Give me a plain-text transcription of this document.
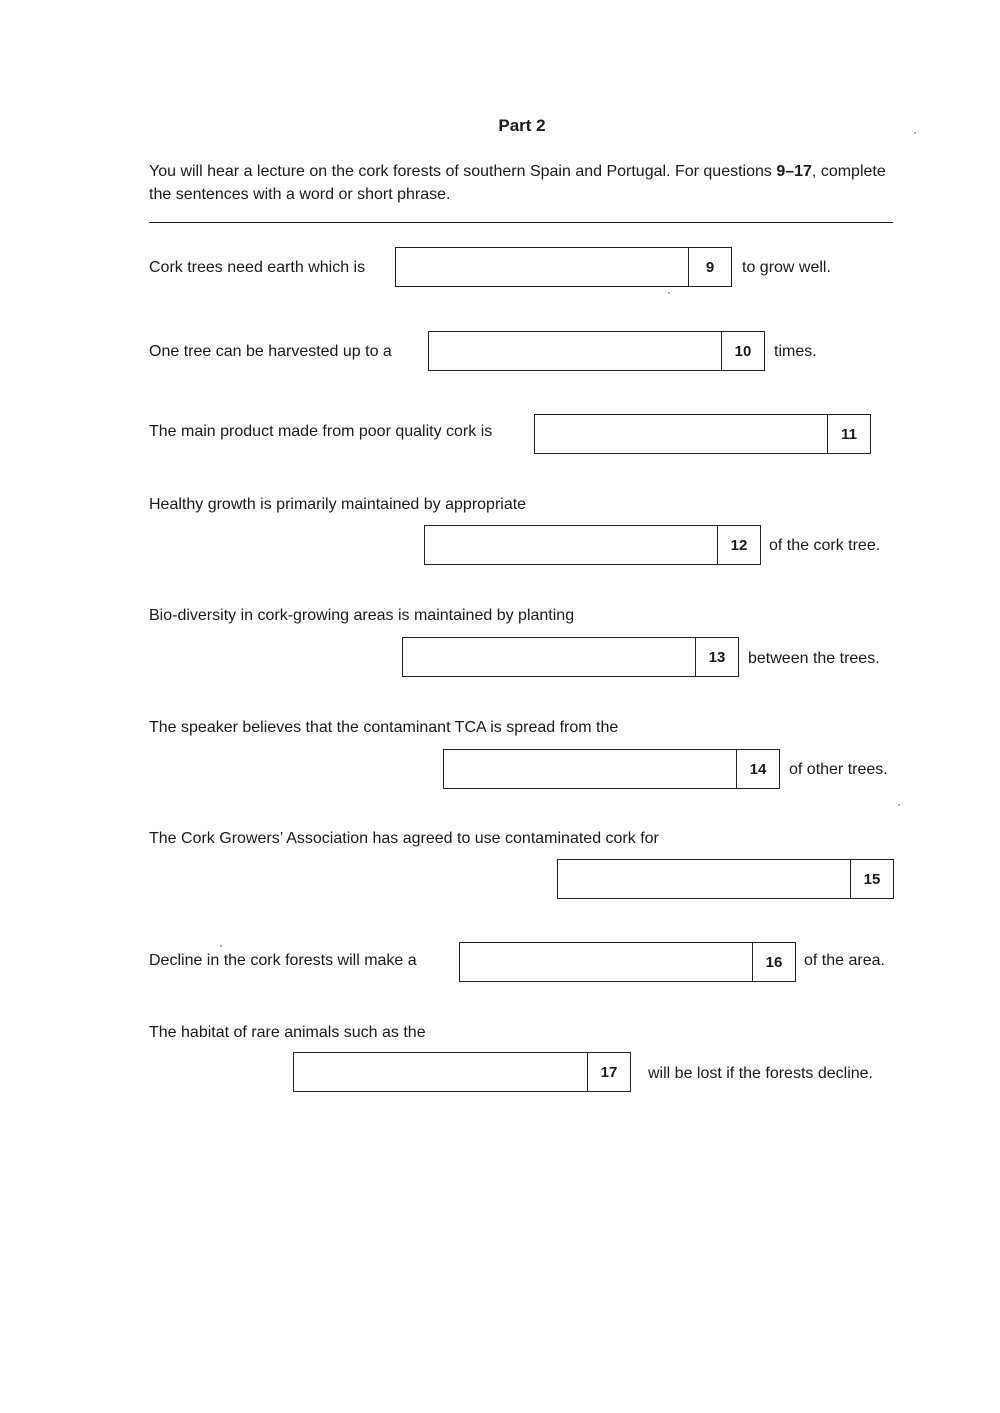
Part 2
You will hear a lecture on the cork forests of southern Spain and Portugal. For questions 9–17, complete the sentences with a word or short phrase.
Cork trees need earth which is	9	to grow well.
One tree can be harvested up to a	10	times.
The main product made from poor quality cork is	11
Healthy growth is primarily maintained by appropriate
12	of the cork tree.
Bio-diversity in cork-growing areas is maintained by planting
13	between the trees.
The speaker believes that the contaminant TCA is spread from the
14	of other trees.
The Cork Growers’ Association has agreed to use contaminated cork for
15
Decline in the cork forests will make a	16	of the area.
The habitat of rare animals such as the
17	will be lost if the forests decline.
